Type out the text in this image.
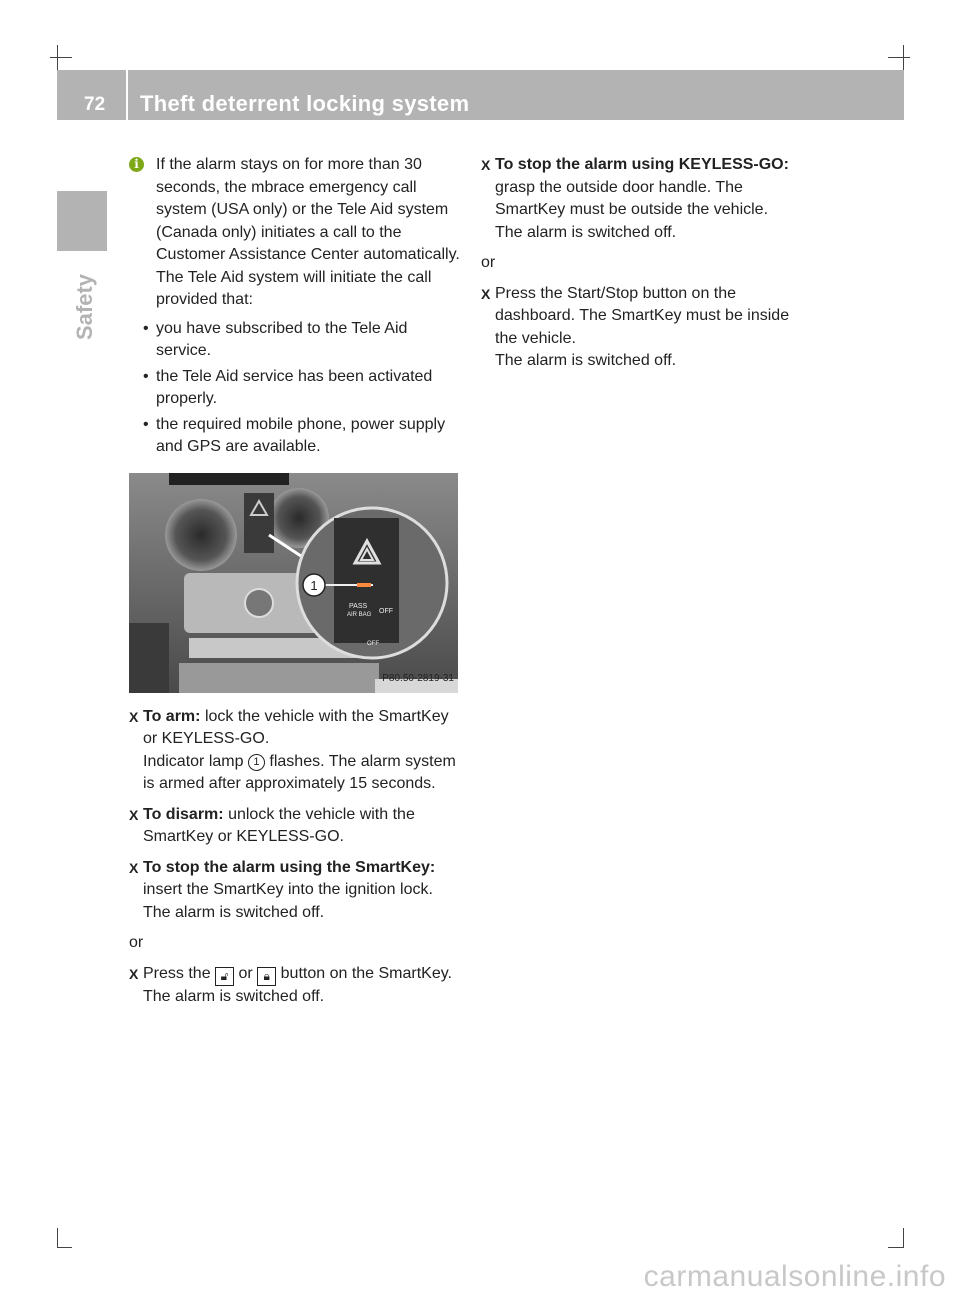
72 Theft deterrent locking system
Safety
i	If the alarm stays on for more than 30 seconds, the mbrace emergency call system (USA only) or the Tele Aid system (Canada only) initiates a call to the Customer Assistance Center automatically. The Tele Aid system will initiate the call provided that:
• you have subscribed to the Tele Aid service.
• the Tele Aid service has been activated properly.
• the required mobile phone, power supply and GPS are available.
PASS
AIR BAG OFF
OFF
1
P80.50-2819-31
X To arm: lock the vehicle with the SmartKey or KEYLESS-GO.
Indicator lamp 1 flashes. The alarm system is armed after approximately 15 seconds.
X To disarm: unlock the vehicle with the SmartKey or KEYLESS-GO.
X To stop the alarm using the SmartKey:
insert the SmartKey into the ignition lock.
The alarm is switched off.
or
X Press the 🔓︎ or 🔒︎ button on the SmartKey.
The alarm is switched off.
X To stop the alarm using KEYLESS-GO:
grasp the outside door handle. The SmartKey must be outside the vehicle.
The alarm is switched off.
or
X Press the Start/Stop button on the dashboard. The SmartKey must be inside the vehicle.
The alarm is switched off.
carmanualsonline.info
